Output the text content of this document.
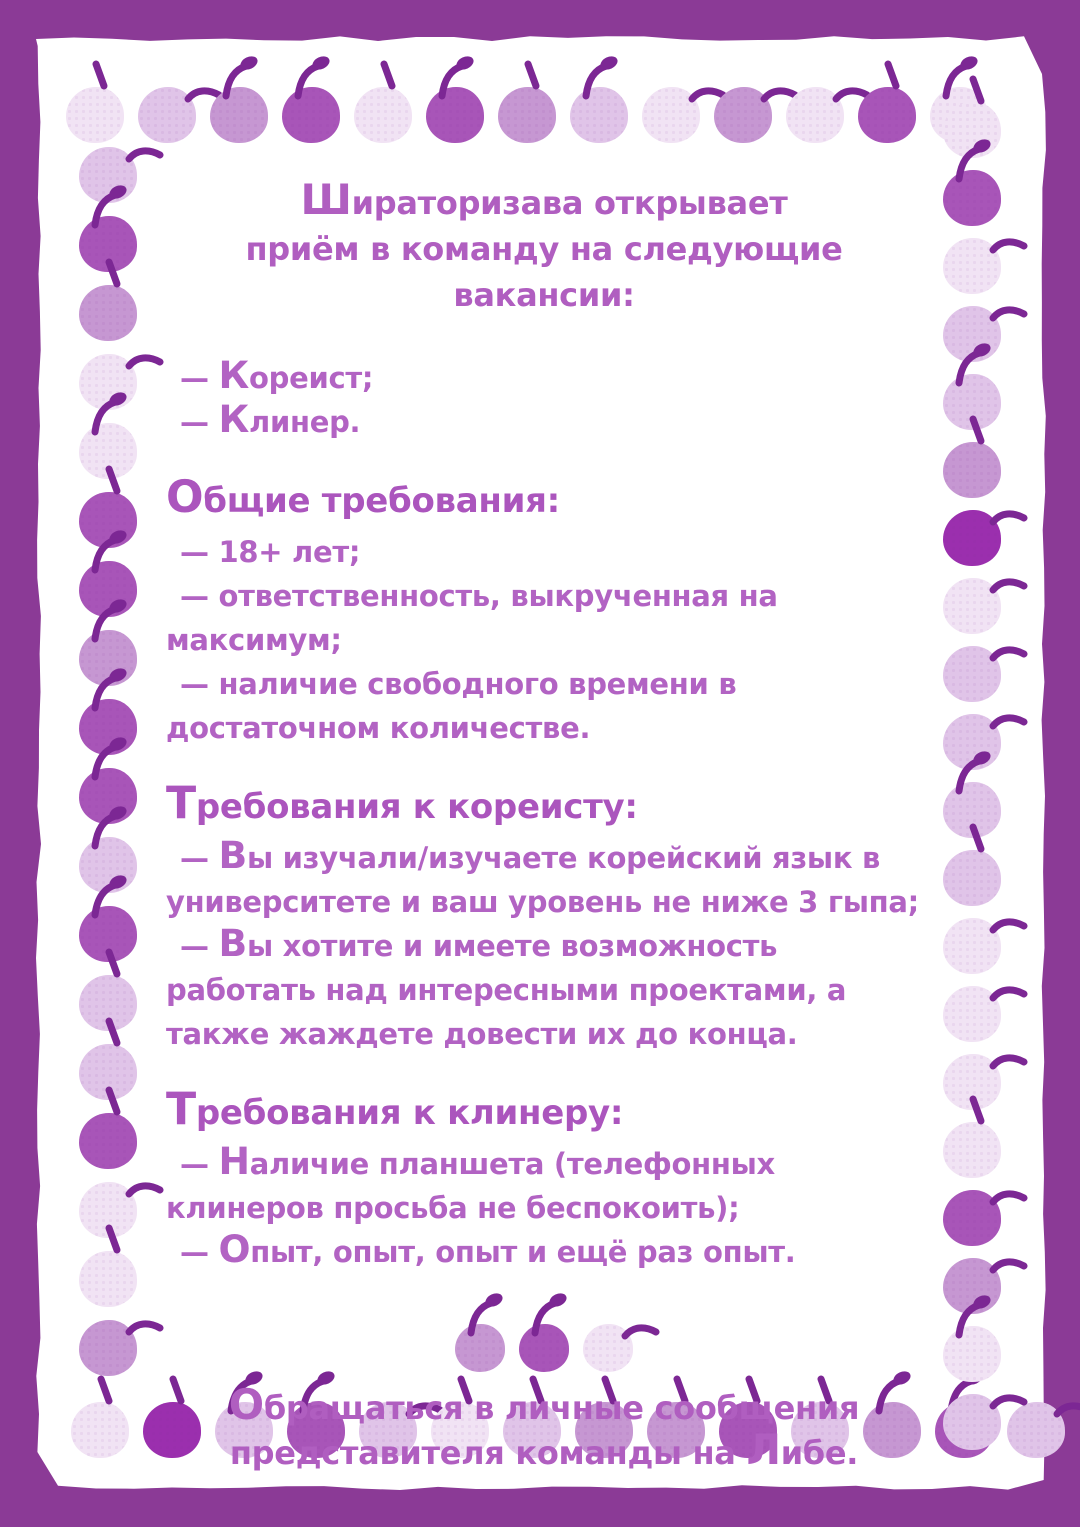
Шираторизава открывает
приём в команду на следующие вакансии:

— Кореист;

— Клинер.

Общие требования:

— 18+ лет;

— ответственность, выкрученная на максимум;

— наличие свободного времени в достаточном количестве.

Требования к кореисту:

— Вы изучали/изучаете корейский язык в университете и ваш уровень не ниже 3 гыпа;

— Вы хотите и имеете возможность работать над интересными проектами, а также жаждете довести их до конца.

Требования к клинеру:

— Наличие планшета (телефонных клинеров просьба не беспокоить);

— Опыт, опыт, опыт и ещё раз опыт.

Обращаться в личные сообщения
представителя команды на Либе.
